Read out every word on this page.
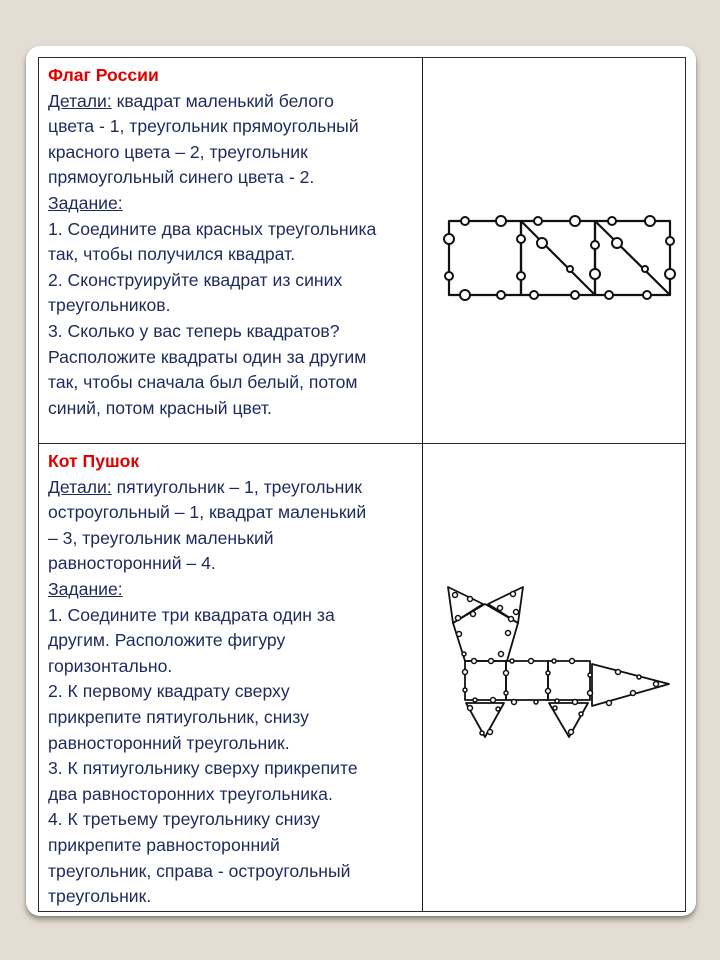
Флаг России
Детали: квадрат маленький белого
цвета - 1, треугольник прямоугольный
красного цвета – 2, треугольник
прямоугольный синего цвета - 2.
Задание:
1. Соедините два красных треугольника
так, чтобы получился квадрат.
2. Сконструируйте квадрат из синих
треугольников.
3. Сколько у вас теперь квадратов?
Расположите квадраты один за другим
так, чтобы сначала был белый, потом
синий, потом красный цвет.
Кот Пушок
Детали: пятиугольник – 1, треугольник
остроугольный – 1, квадрат маленький
– 3, треугольник маленький
равносторонний – 4.
Задание:
1. Соедините три квадрата один за
другим. Расположите фигуру
горизонтально.
2. К первому квадрату сверху
прикрепите пятиугольник, снизу
равносторонний треугольник.
3. К пятиугольнику сверху прикрепите
два равносторонних треугольника.
4. К третьему треугольнику снизу
прикрепите равносторонний
треугольник, справа - остроугольный
треугольник.
